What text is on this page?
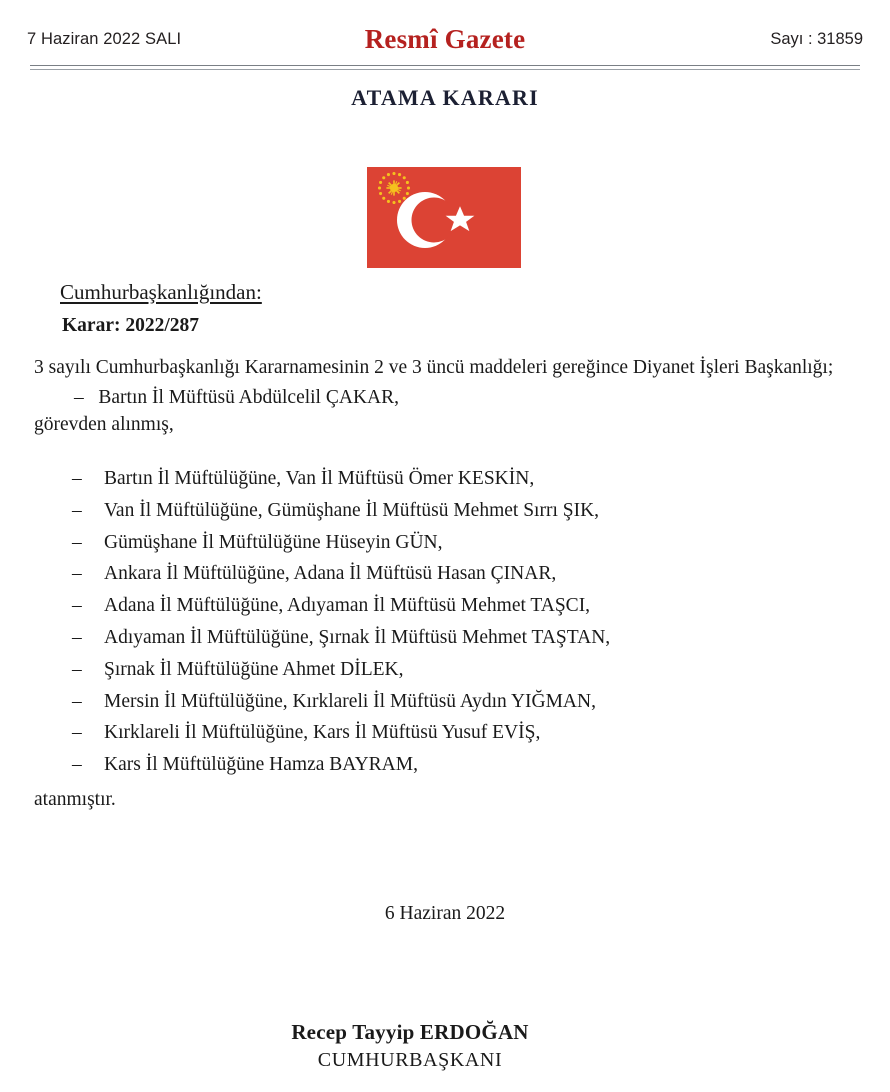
7 Haziran 2022 SALI	Resmî Gazete	Sayı : 31859
ATAMA KARARI

Cumhurbaşkanlığından:

Karar: 2022/287

3 sayılı Cumhurbaşkanlığı Kararnamesinin 2 ve 3 üncü maddeleri gereğince Diyanet İşleri Başkanlığı;

– Bartın İl Müftüsü Abdülcelil ÇAKAR,

görevden alınmış,

– Bartın İl Müftülüğüne, Van İl Müftüsü Ömer KESKİN,
– Van İl Müftülüğüne, Gümüşhane İl Müftüsü Mehmet Sırrı ŞIK,
– Gümüşhane İl Müftülüğüne Hüseyin GÜN,
– Ankara İl Müftülüğüne, Adana İl Müftüsü Hasan ÇINAR,
– Adana İl Müftülüğüne, Adıyaman İl Müftüsü Mehmet TAŞCI,
– Adıyaman İl Müftülüğüne, Şırnak İl Müftüsü Mehmet TAŞTAN,
– Şırnak İl Müftülüğüne Ahmet DİLEK,
– Mersin İl Müftülüğüne, Kırklareli İl Müftüsü Aydın YIĞMAN,
– Kırklareli İl Müftülüğüne, Kars İl Müftüsü Yusuf EVİŞ,
– Kars İl Müftülüğüne Hamza BAYRAM,

atanmıştır.

6 Haziran 2022
Recep Tayyip ERDOĞAN
CUMHURBAŞKANI
